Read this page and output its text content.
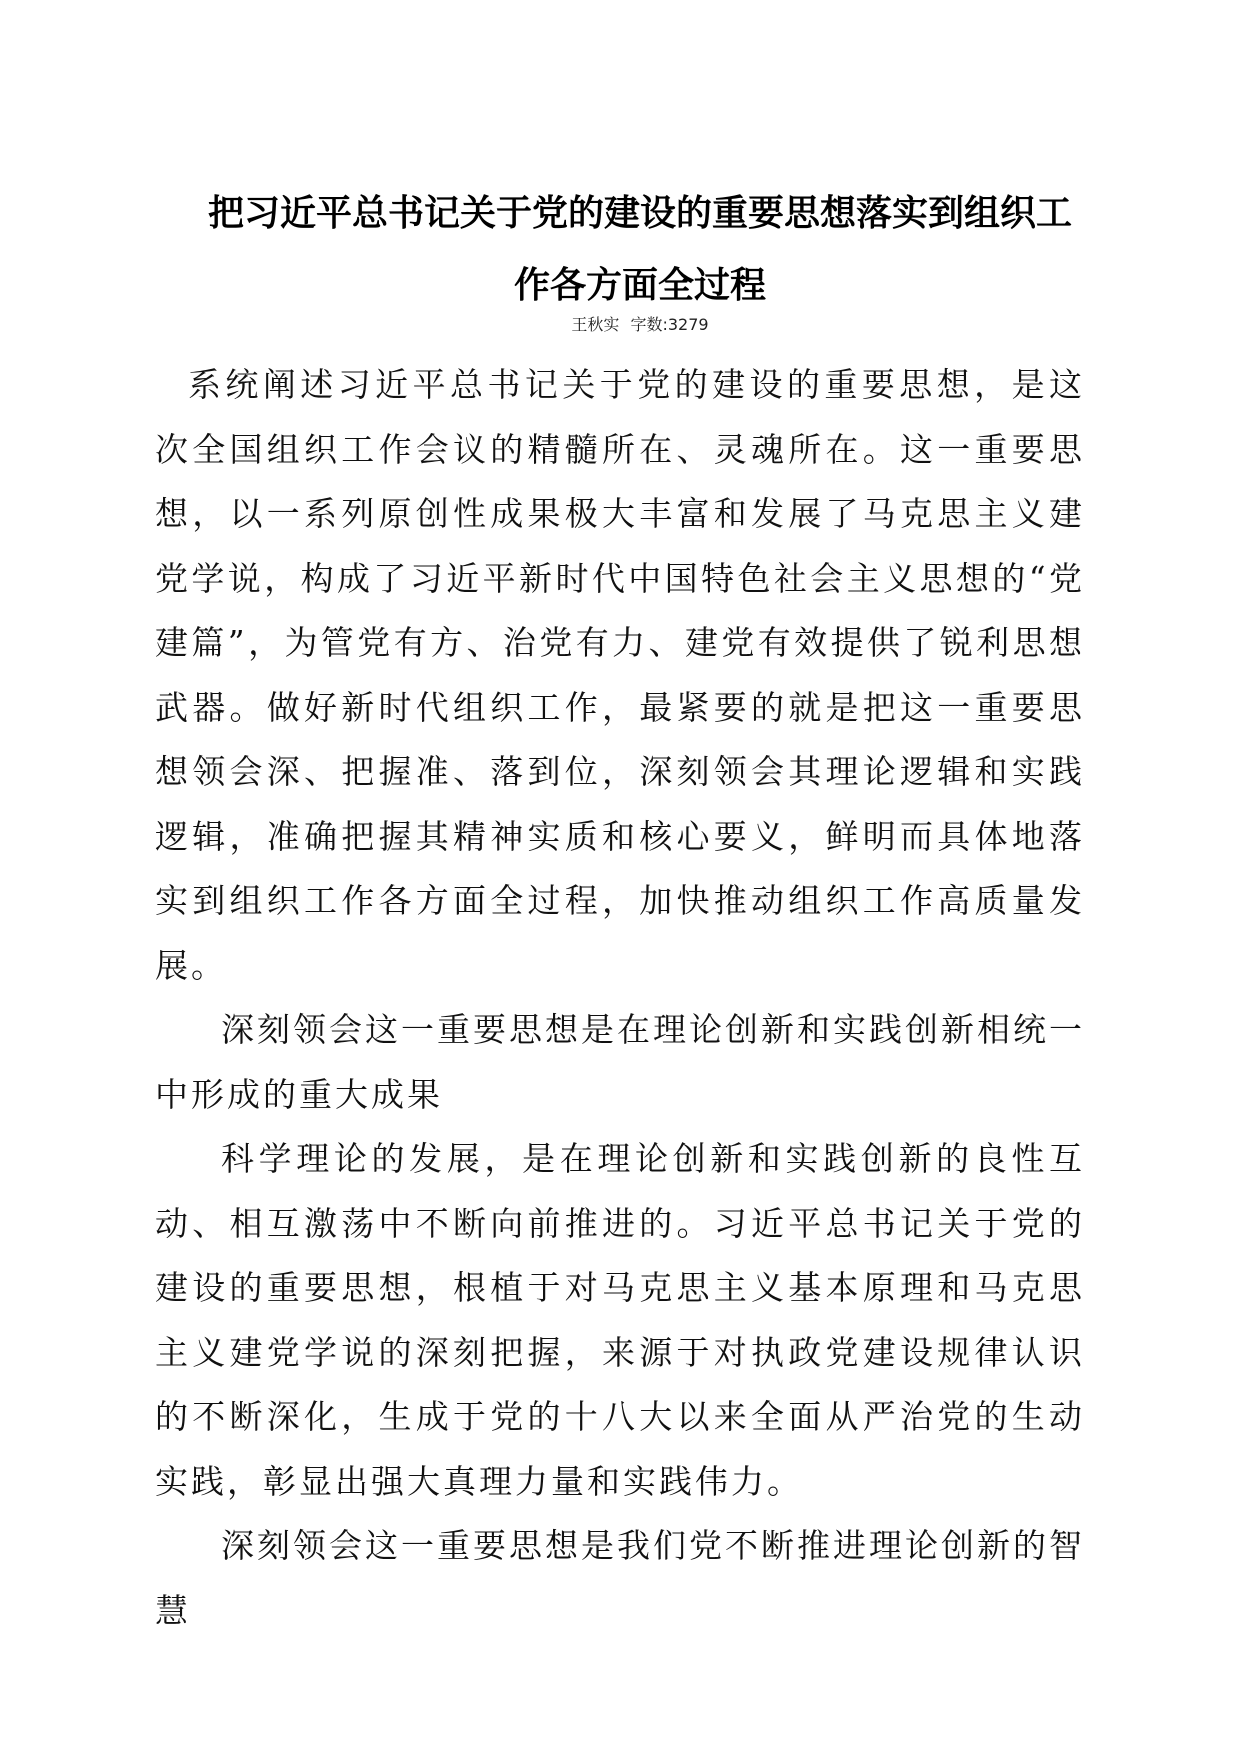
把习近平总书记关于党的建设的重要思想落实到组织工作各方面全过程
王秋实 字数:3279

系统阐述习近平总书记关于党的建设的重要思想，是这次全国组织工作会议的精髓所在、灵魂所在。这一重要思想，以一系列原创性成果极大丰富和发展了马克思主义建党学说，构成了习近平新时代中国特色社会主义思想的“党建篇”，为管党有方、治党有力、建党有效提供了锐利思想武器。做好新时代组织工作，最紧要的就是把这一重要思想领会深、把握准、落到位，深刻领会其理论逻辑和实践逻辑，准确把握其精神实质和核心要义，鲜明而具体地落实到组织工作各方面全过程，加快推动组织工作高质量发展。

深刻领会这一重要思想是在理论创新和实践创新相统一中形成的重大成果

科学理论的发展，是在理论创新和实践创新的良性互动、相互激荡中不断向前推进的。习近平总书记关于党的建设的重要思想，根植于对马克思主义基本原理和马克思主义建党学说的深刻把握，来源于对执政党建设规律认识的不断深化，生成于党的十八大以来全面从严治党的生动实践，彰显出强大真理力量和实践伟力。

深刻领会这一重要思想是我们党不断推进理论创新的智慧
